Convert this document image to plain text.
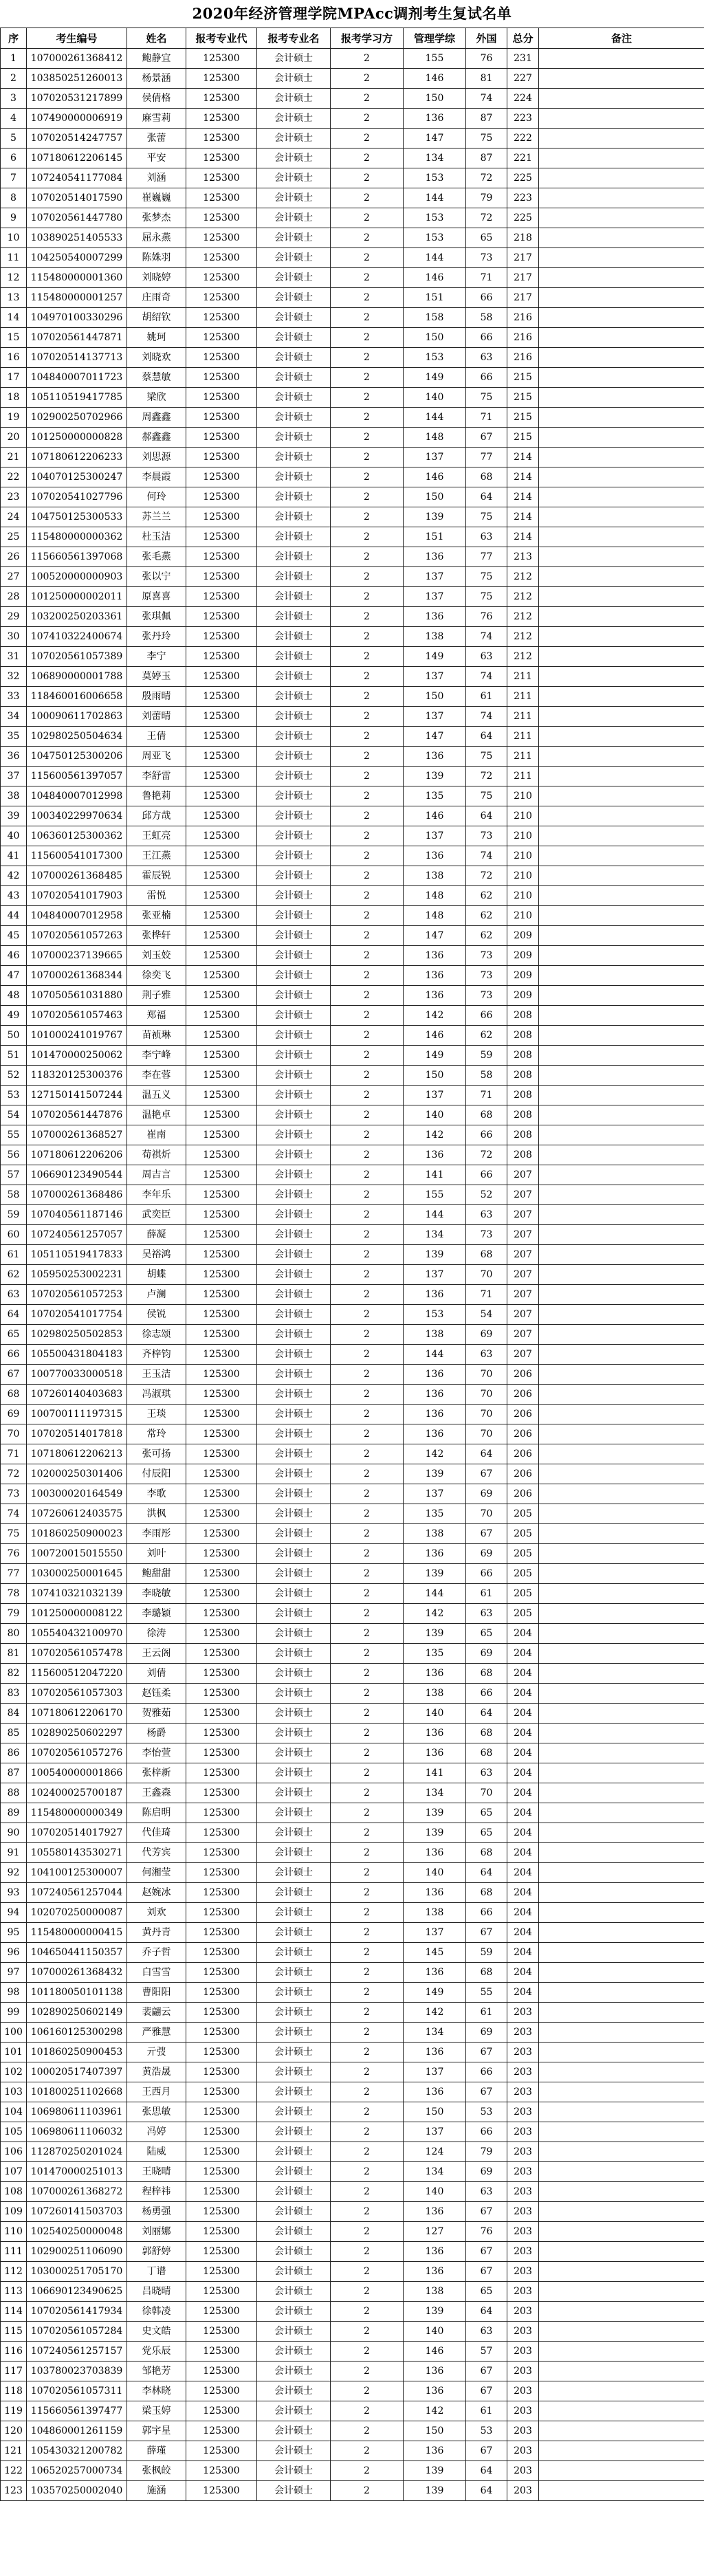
2020年经济管理学院MPAcc调剂考生复试名单
序	考生编号	姓名	报考专业代	报考专业名	报考学习方	管理学综	外国	总分	备注
1	107000261368412	鲍静宜	125300	会计硕士	2	155	76	231	
2	103850251260013	杨景涵	125300	会计硕士	2	146	81	227	
3	107020531217899	侯倩格	125300	会计硕士	2	150	74	224	
4	107490000006919	麻雪莉	125300	会计硕士	2	136	87	223	
5	107020514247757	张蕾	125300	会计硕士	2	147	75	222	
6	107180612206145	平安	125300	会计硕士	2	134	87	221	
7	107240541177084	刘涵	125300	会计硕士	2	153	72	225	
8	107020514017590	崔巍巍	125300	会计硕士	2	144	79	223	
9	107020561447780	张梦杰	125300	会计硕士	2	153	72	225	
10	103890251405533	屈永燕	125300	会计硕士	2	153	65	218	
11	104250540007299	陈姝羽	125300	会计硕士	2	144	73	217	
12	115480000001360	刘晓婷	125300	会计硕士	2	146	71	217	
13	115480000001257	庄雨奇	125300	会计硕士	2	151	66	217	
14	104970100330296	胡绍钦	125300	会计硕士	2	158	58	216	
15	107020561447871	姚珂	125300	会计硕士	2	150	66	216	
16	107020514137713	刘晓欢	125300	会计硕士	2	153	63	216	
17	104840007011723	蔡慧敏	125300	会计硕士	2	149	66	215	
18	105110519417785	梁欣	125300	会计硕士	2	140	75	215	
19	102900250702966	周鑫鑫	125300	会计硕士	2	144	71	215	
20	101250000000828	郝鑫鑫	125300	会计硕士	2	148	67	215	
21	107180612206233	刘思源	125300	会计硕士	2	137	77	214	
22	104070125300247	李晨霞	125300	会计硕士	2	146	68	214	
23	107020541027796	何玲	125300	会计硕士	2	150	64	214	
24	104750125300533	苏兰兰	125300	会计硕士	2	139	75	214	
25	115480000000362	杜玉洁	125300	会计硕士	2	151	63	214	
26	115660561397068	张毛燕	125300	会计硕士	2	136	77	213	
27	100520000000903	张以宁	125300	会计硕士	2	137	75	212	
28	101250000002011	原喜喜	125300	会计硕士	2	137	75	212	
29	103200250203361	张琪佩	125300	会计硕士	2	136	76	212	
30	107410322400674	张丹玲	125300	会计硕士	2	138	74	212	
31	107020561057389	李宁	125300	会计硕士	2	149	63	212	
32	106890000001788	莫婷玉	125300	会计硕士	2	137	74	211	
33	118460016006658	殷雨晴	125300	会计硕士	2	150	61	211	
34	100090611702863	刘蕾晴	125300	会计硕士	2	137	74	211	
35	102980250504634	王倩	125300	会计硕士	2	147	64	211	
36	104750125300206	周亚飞	125300	会计硕士	2	136	75	211	
37	115600561397057	李舒雷	125300	会计硕士	2	139	72	211	
38	104840007012998	鲁艳莉	125300	会计硕士	2	135	75	210	
39	100340229970634	邱方哉	125300	会计硕士	2	146	64	210	
40	106360125300362	王虹亮	125300	会计硕士	2	137	73	210	
41	115600541017300	王江燕	125300	会计硕士	2	136	74	210	
42	107000261368485	霍辰锐	125300	会计硕士	2	138	72	210	
43	107020541017903	雷悦	125300	会计硕士	2	148	62	210	
44	104840007012958	张亚楠	125300	会计硕士	2	148	62	210	
45	107020561057263	张桦轩	125300	会计硕士	2	147	62	209	
46	107000237139665	刘玉姣	125300	会计硕士	2	136	73	209	
47	107000261368344	徐奕飞	125300	会计硕士	2	136	73	209	
48	107050561031880	荆子雅	125300	会计硕士	2	136	73	209	
49	107020561057463	郑福	125300	会计硕士	2	142	66	208	
50	101000241019767	苗祯琳	125300	会计硕士	2	146	62	208	
51	101470000250062	李宁峰	125300	会计硕士	2	149	59	208	
52	118320125300376	李在蓉	125300	会计硕士	2	150	58	208	
53	127150141507244	温五义	125300	会计硕士	2	137	71	208	
54	107020561447876	温艳卓	125300	会计硕士	2	140	68	208	
55	107000261368527	崔南	125300	会计硕士	2	142	66	208	
56	107180612206206	荀祺炘	125300	会计硕士	2	136	72	208	
57	106690123490544	周吉言	125300	会计硕士	2	141	66	207	
58	107000261368486	李年乐	125300	会计硕士	2	155	52	207	
59	107040561187146	武奕臣	125300	会计硕士	2	144	63	207	
60	107240561257057	薛凝	125300	会计硕士	2	134	73	207	
61	105110519417833	吴裕鸿	125300	会计硕士	2	139	68	207	
62	105950253002231	胡蝶	125300	会计硕士	2	137	70	207	
63	107020561057253	卢澜	125300	会计硕士	2	136	71	207	
64	107020541017754	侯锐	125300	会计硕士	2	153	54	207	
65	102980250502853	徐志颂	125300	会计硕士	2	138	69	207	
66	105500431804183	齐梓钧	125300	会计硕士	2	144	63	207	
67	100770033000518	王玉洁	125300	会计硕士	2	136	70	206	
68	107260140403683	冯淑琪	125300	会计硕士	2	136	70	206	
69	100700111197315	王琰	125300	会计硕士	2	136	70	206	
70	107020514017818	常玲	125300	会计硕士	2	136	70	206	
71	107180612206213	张可扬	125300	会计硕士	2	142	64	206	
72	102000250301406	付辰阳	125300	会计硕士	2	139	67	206	
73	100300020164549	李歌	125300	会计硕士	2	137	69	206	
74	107260612403575	洪枫	125300	会计硕士	2	135	70	205	
75	101860250900023	李雨彤	125300	会计硕士	2	138	67	205	
76	100720015015550	刘叶	125300	会计硕士	2	136	69	205	
77	103000250001645	鲍甜甜	125300	会计硕士	2	139	66	205	
78	107410321032139	李晓敏	125300	会计硕士	2	144	61	205	
79	101250000008122	李璐颖	125300	会计硕士	2	142	63	205	
80	105540432100970	徐涛	125300	会计硕士	2	139	65	204	
81	107020561057478	王云阁	125300	会计硕士	2	135	69	204	
82	115600512047220	刘倩	125300	会计硕士	2	136	68	204	
83	107020561057303	赵钰柔	125300	会计硕士	2	138	66	204	
84	107180612206170	贺雅茹	125300	会计硕士	2	140	64	204	
85	102890250602297	杨爵	125300	会计硕士	2	136	68	204	
86	107020561057276	李怡萱	125300	会计硕士	2	136	68	204	
87	100540000001866	张梓新	125300	会计硕士	2	141	63	204	
88	102400025700187	王鑫森	125300	会计硕士	2	134	70	204	
89	115480000000349	陈启明	125300	会计硕士	2	139	65	204	
90	107020514017927	代佳琦	125300	会计硕士	2	139	65	204	
91	105580143530271	代芳宾	125300	会计硕士	2	136	68	204	
92	104100125300007	何湘莹	125300	会计硕士	2	140	64	204	
93	107240561257044	赵婉冰	125300	会计硕士	2	136	68	204	
94	102070250000087	刘欢	125300	会计硕士	2	138	66	204	
95	115480000000415	黄丹青	125300	会计硕士	2	137	67	204	
96	104650441150357	乔子哲	125300	会计硕士	2	145	59	204	
97	107000261368432	白雪雪	125300	会计硕士	2	136	68	204	
98	101180050101138	曹阳阳	125300	会计硕士	2	149	55	204	
99	102890250602149	裴翩云	125300	会计硕士	2	142	61	203	
100	106160125300298	严雅慧	125300	会计硕士	2	134	69	203	
101	101860250900453	亓弢	125300	会计硕士	2	136	67	203	
102	100020517407397	黄浩晟	125300	会计硕士	2	137	66	203	
103	101800251102668	王西月	125300	会计硕士	2	136	67	203	
104	106980611103961	张思敏	125300	会计硕士	2	150	53	203	
105	106980611106032	冯婷	125300	会计硕士	2	137	66	203	
106	112870250201024	陆威	125300	会计硕士	2	124	79	203	
107	101470000251013	王晓晴	125300	会计硕士	2	134	69	203	
108	107000261368272	程梓祎	125300	会计硕士	2	140	63	203	
109	107260141503703	杨勇强	125300	会计硕士	2	136	67	203	
110	102540250000048	刘丽娜	125300	会计硕士	2	127	76	203	
111	102900251106090	郭舒婷	125300	会计硕士	2	136	67	203	
112	103000251705170	丁谱	125300	会计硕士	2	136	67	203	
113	106690123490625	吕晓晴	125300	会计硕士	2	138	65	203	
114	107020561417934	徐韩凌	125300	会计硕士	2	139	64	203	
115	107020561057284	史文皓	125300	会计硕士	2	140	63	203	
116	107240561257157	党乐辰	125300	会计硕士	2	146	57	203	
117	103780023703839	邹艳芳	125300	会计硕士	2	136	67	203	
118	107020561057311	李林晓	125300	会计硕士	2	136	67	203	
119	115660561397477	梁玉婷	125300	会计硕士	2	142	61	203	
120	104860001261159	郭宇星	125300	会计硕士	2	150	53	203	
121	105430321200782	薛瑾	125300	会计硕士	2	136	67	203	
122	106520257000734	张枫皎	125300	会计硕士	2	139	64	203	
123	103570250002040	施涵	125300	会计硕士	2	139	64	203	
